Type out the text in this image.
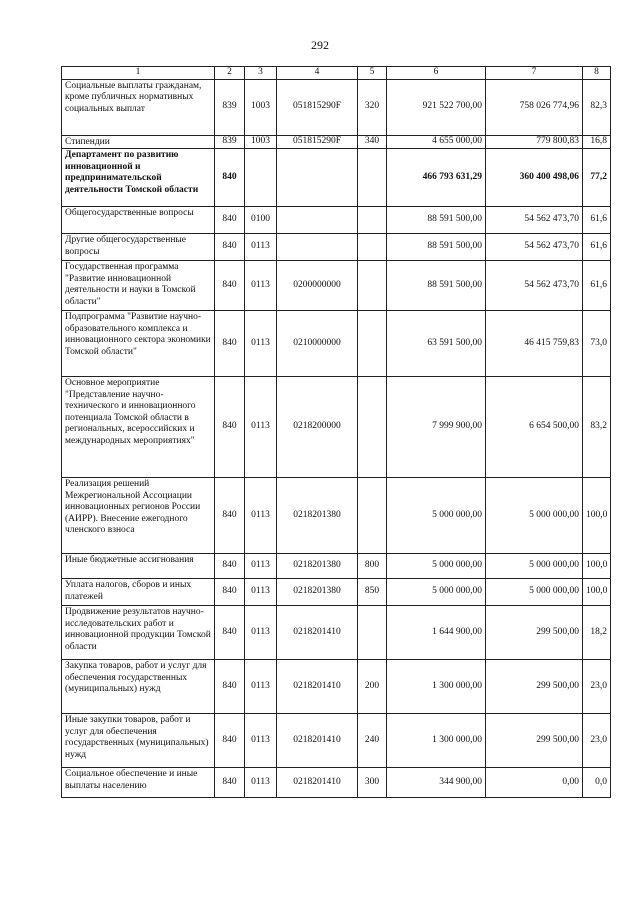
292
1	2	3	4	5	6	7	8
Социальные выплаты гражданам, кроме публичных нормативных социальных выплат	839	1003	051815290F	320	921 522 700,00	758 026 774,96	82,3
Стипендии	839	1003	051815290F	340	4 655 000,00	779 800,83	16,8
Департамент по развитию инновационной и предпринимательской деятельности Томской области	840				466 793 631,29	360 400 498,06	77,2
Общегосударственные вопросы	840	0100			88 591 500,00	54 562 473,70	61,6
Другие общегосударственные вопросы	840	0113			88 591 500,00	54 562 473,70	61,6
Государственная программа "Развитие инновационной деятельности и науки в Томской области"	840	0113	0200000000		88 591 500,00	54 562 473,70	61,6
Подпрограмма "Развитие научно-образовательного комплекса и инновационного сектора экономики Томской области"	840	0113	0210000000		63 591 500,00	46 415 759,83	73,0
Основное мероприятие "Представление научно-технического и инновационного потенциала Томской области в региональных, всероссийских и международных мероприятиях"	840	0113	0218200000		7 999 900,00	6 654 500,00	83,2
Реализация решений Межрегиональной Ассоциации инновационных регионов России (АИРР). Внесение ежегодного членского взноса	840	0113	0218201380		5 000 000,00	5 000 000,00	100,0
Иные бюджетные ассигнования	840	0113	0218201380	800	5 000 000,00	5 000 000,00	100,0
Уплата налогов, сборов и иных платежей	840	0113	0218201380	850	5 000 000,00	5 000 000,00	100,0
Продвижение результатов научно-исследовательских работ и инновационной продукции Томской области	840	0113	0218201410		1 644 900,00	299 500,00	18,2
Закупка товаров, работ и услуг для обеспечения государственных (муниципальных) нужд	840	0113	0218201410	200	1 300 000,00	299 500,00	23,0
Иные закупки товаров, работ и услуг для обеспечения государственных (муниципальных) нужд	840	0113	0218201410	240	1 300 000,00	299 500,00	23,0
Социальное обеспечение и иные выплаты населению	840	0113	0218201410	300	344 900,00	0,00	0,0
